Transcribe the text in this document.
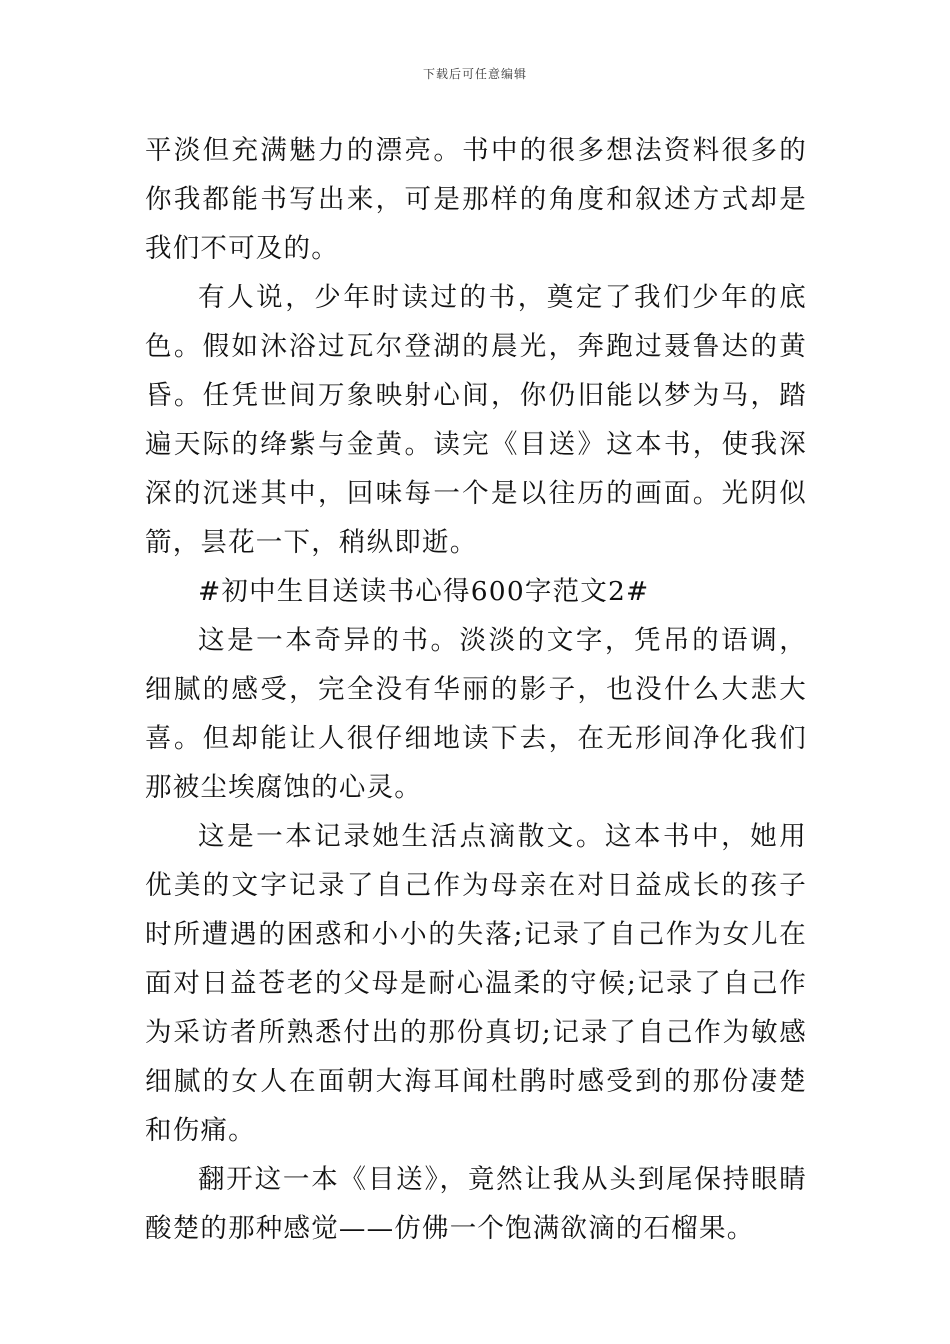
下载后可任意编辑

平淡但充满魅力的漂亮。书中的很多想法资料很多的你我都能书写出来，可是那样的角度和叙述方式却是我们不可及的。

有人说，少年时读过的书，奠定了我们少年的底色。假如沐浴过瓦尔登湖的晨光，奔跑过聂鲁达的黄昏。任凭世间万象映射心间，你仍旧能以梦为马，踏遍天际的绛紫与金黄。读完《目送》这本书，使我深深的沉迷其中，回味每一个是以往历的画面。光阴似箭，昙花一下，稍纵即逝。

#初中生目送读书心得600字范文2#

这是一本奇异的书。淡淡的文字，凭吊的语调，细腻的感受，完全没有华丽的影子，也没什么大悲大喜。但却能让人很仔细地读下去，在无形间净化我们那被尘埃腐蚀的心灵。

这是一本记录她生活点滴散文。这本书中，她用优美的文字记录了自己作为母亲在对日益成长的孩子时所遭遇的困惑和小小的失落;记录了自己作为女儿在面对日益苍老的父母是耐心温柔的守候;记录了自己作为采访者所熟悉付出的那份真切;记录了自己作为敏感细腻的女人在面朝大海耳闻杜鹃时感受到的那份凄楚和伤痛。

翻开这一本《目送》，竟然让我从头到尾保持眼睛酸楚的那种感觉——仿佛一个饱满欲滴的石榴果。
